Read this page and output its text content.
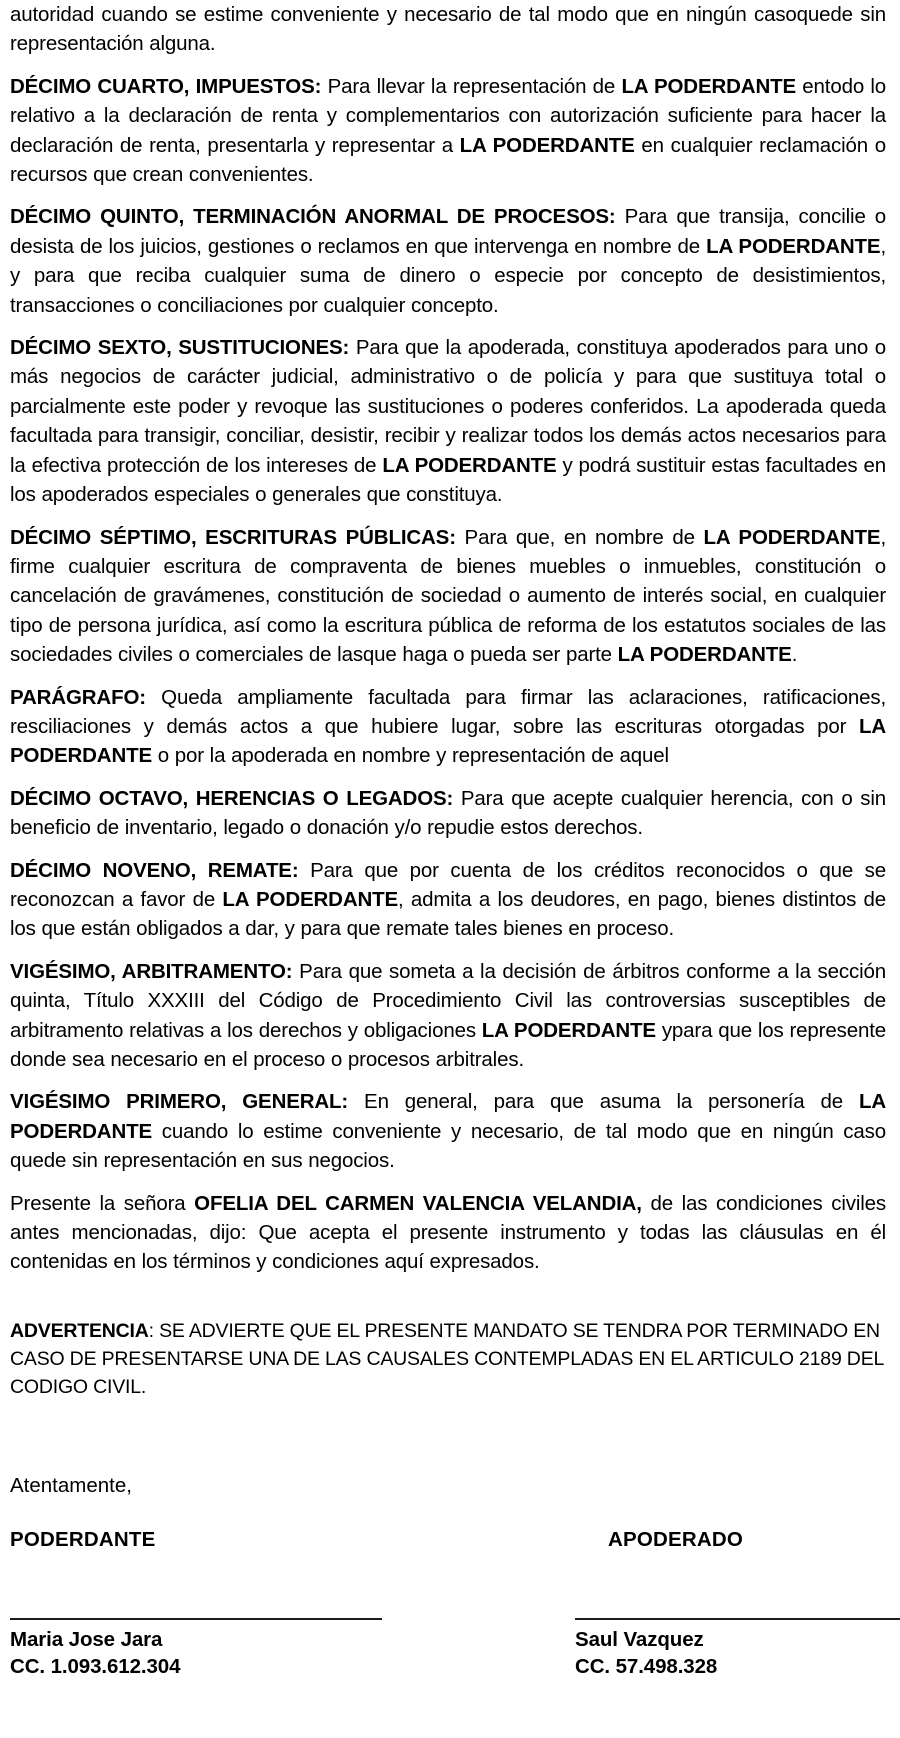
autoridad cuando se estime conveniente y necesario de tal modo que en ningún casoquede sin representación alguna.

DÉCIMO CUARTO, IMPUESTOS: Para llevar la representación de LA PODERDANTE entodo lo relativo a la declaración de renta y complementarios con autorización suficiente para hacer la declaración de renta, presentarla y representar a LA PODERDANTE en cualquier reclamación o recursos que crean convenientes.

DÉCIMO QUINTO, TERMINACIÓN ANORMAL DE PROCESOS: Para que transija, concilie o desista de los juicios, gestiones o reclamos en que intervenga en nombre de LA PODERDANTE, y para que reciba cualquier suma de dinero o especie por concepto de desistimientos, transacciones o conciliaciones por cualquier concepto.

DÉCIMO SEXTO, SUSTITUCIONES: Para que la apoderada, constituya apoderados para uno o más negocios de carácter judicial, administrativo o de policía y para que sustituya total o parcialmente este poder y revoque las sustituciones o poderes conferidos. La apoderada queda facultada para transigir, conciliar, desistir, recibir y realizar todos los demás actos necesarios para la efectiva protección de los intereses de LA PODERDANTE y podrá sustituir estas facultades en los apoderados especiales o generales que constituya.

DÉCIMO SÉPTIMO, ESCRITURAS PÚBLICAS: Para que, en nombre de LA PODERDANTE, firme cualquier escritura de compraventa de bienes muebles o inmuebles, constitución o cancelación de gravámenes, constitución de sociedad o aumento de interés social, en cualquier tipo de persona jurídica, así como la escritura pública de reforma de los estatutos sociales de las sociedades civiles o comerciales de lasque haga o pueda ser parte LA PODERDANTE.

PARÁGRAFO: Queda ampliamente facultada para firmar las aclaraciones, ratificaciones, resciliaciones y demás actos a que hubiere lugar, sobre las escrituras otorgadas por LA PODERDANTE o por la apoderada en nombre y representación de aquel

DÉCIMO OCTAVO, HERENCIAS O LEGADOS: Para que acepte cualquier herencia, con o sin beneficio de inventario, legado o donación y/o repudie estos derechos.

DÉCIMO NOVENO, REMATE: Para que por cuenta de los créditos reconocidos o que se reconozcan a favor de LA PODERDANTE, admita a los deudores, en pago, bienes distintos de los que están obligados a dar, y para que remate tales bienes en proceso.

VIGÉSIMO, ARBITRAMENTO: Para que someta a la decisión de árbitros conforme a la sección quinta, Título XXXIII del Código de Procedimiento Civil las controversias susceptibles de arbitramento relativas a los derechos y obligaciones LA PODERDANTE ypara que los represente donde sea necesario en el proceso o procesos arbitrales.

VIGÉSIMO PRIMERO, GENERAL: En general, para que asuma la personería de LA PODERDANTE cuando lo estime conveniente y necesario, de tal modo que en ningún caso quede sin representación en sus negocios.

Presente la señora OFELIA DEL CARMEN VALENCIA VELANDIA, de las condiciones civiles antes mencionadas, dijo: Que acepta el presente instrumento y todas las cláusulas en él contenidas en los términos y condiciones aquí expresados.

ADVERTENCIA: SE ADVIERTE QUE EL PRESENTE MANDATO SE TENDRA POR TERMINADO EN CASO DE PRESENTARSE UNA DE LAS CAUSALES CONTEMPLADAS EN EL ARTICULO 2189 DEL CODIGO CIVIL.

Atentamente,

PODERDANTE	APODERADO
Maria Jose Jara
CC. 1.093.612.304
Saul Vazquez
CC. 57.498.328
